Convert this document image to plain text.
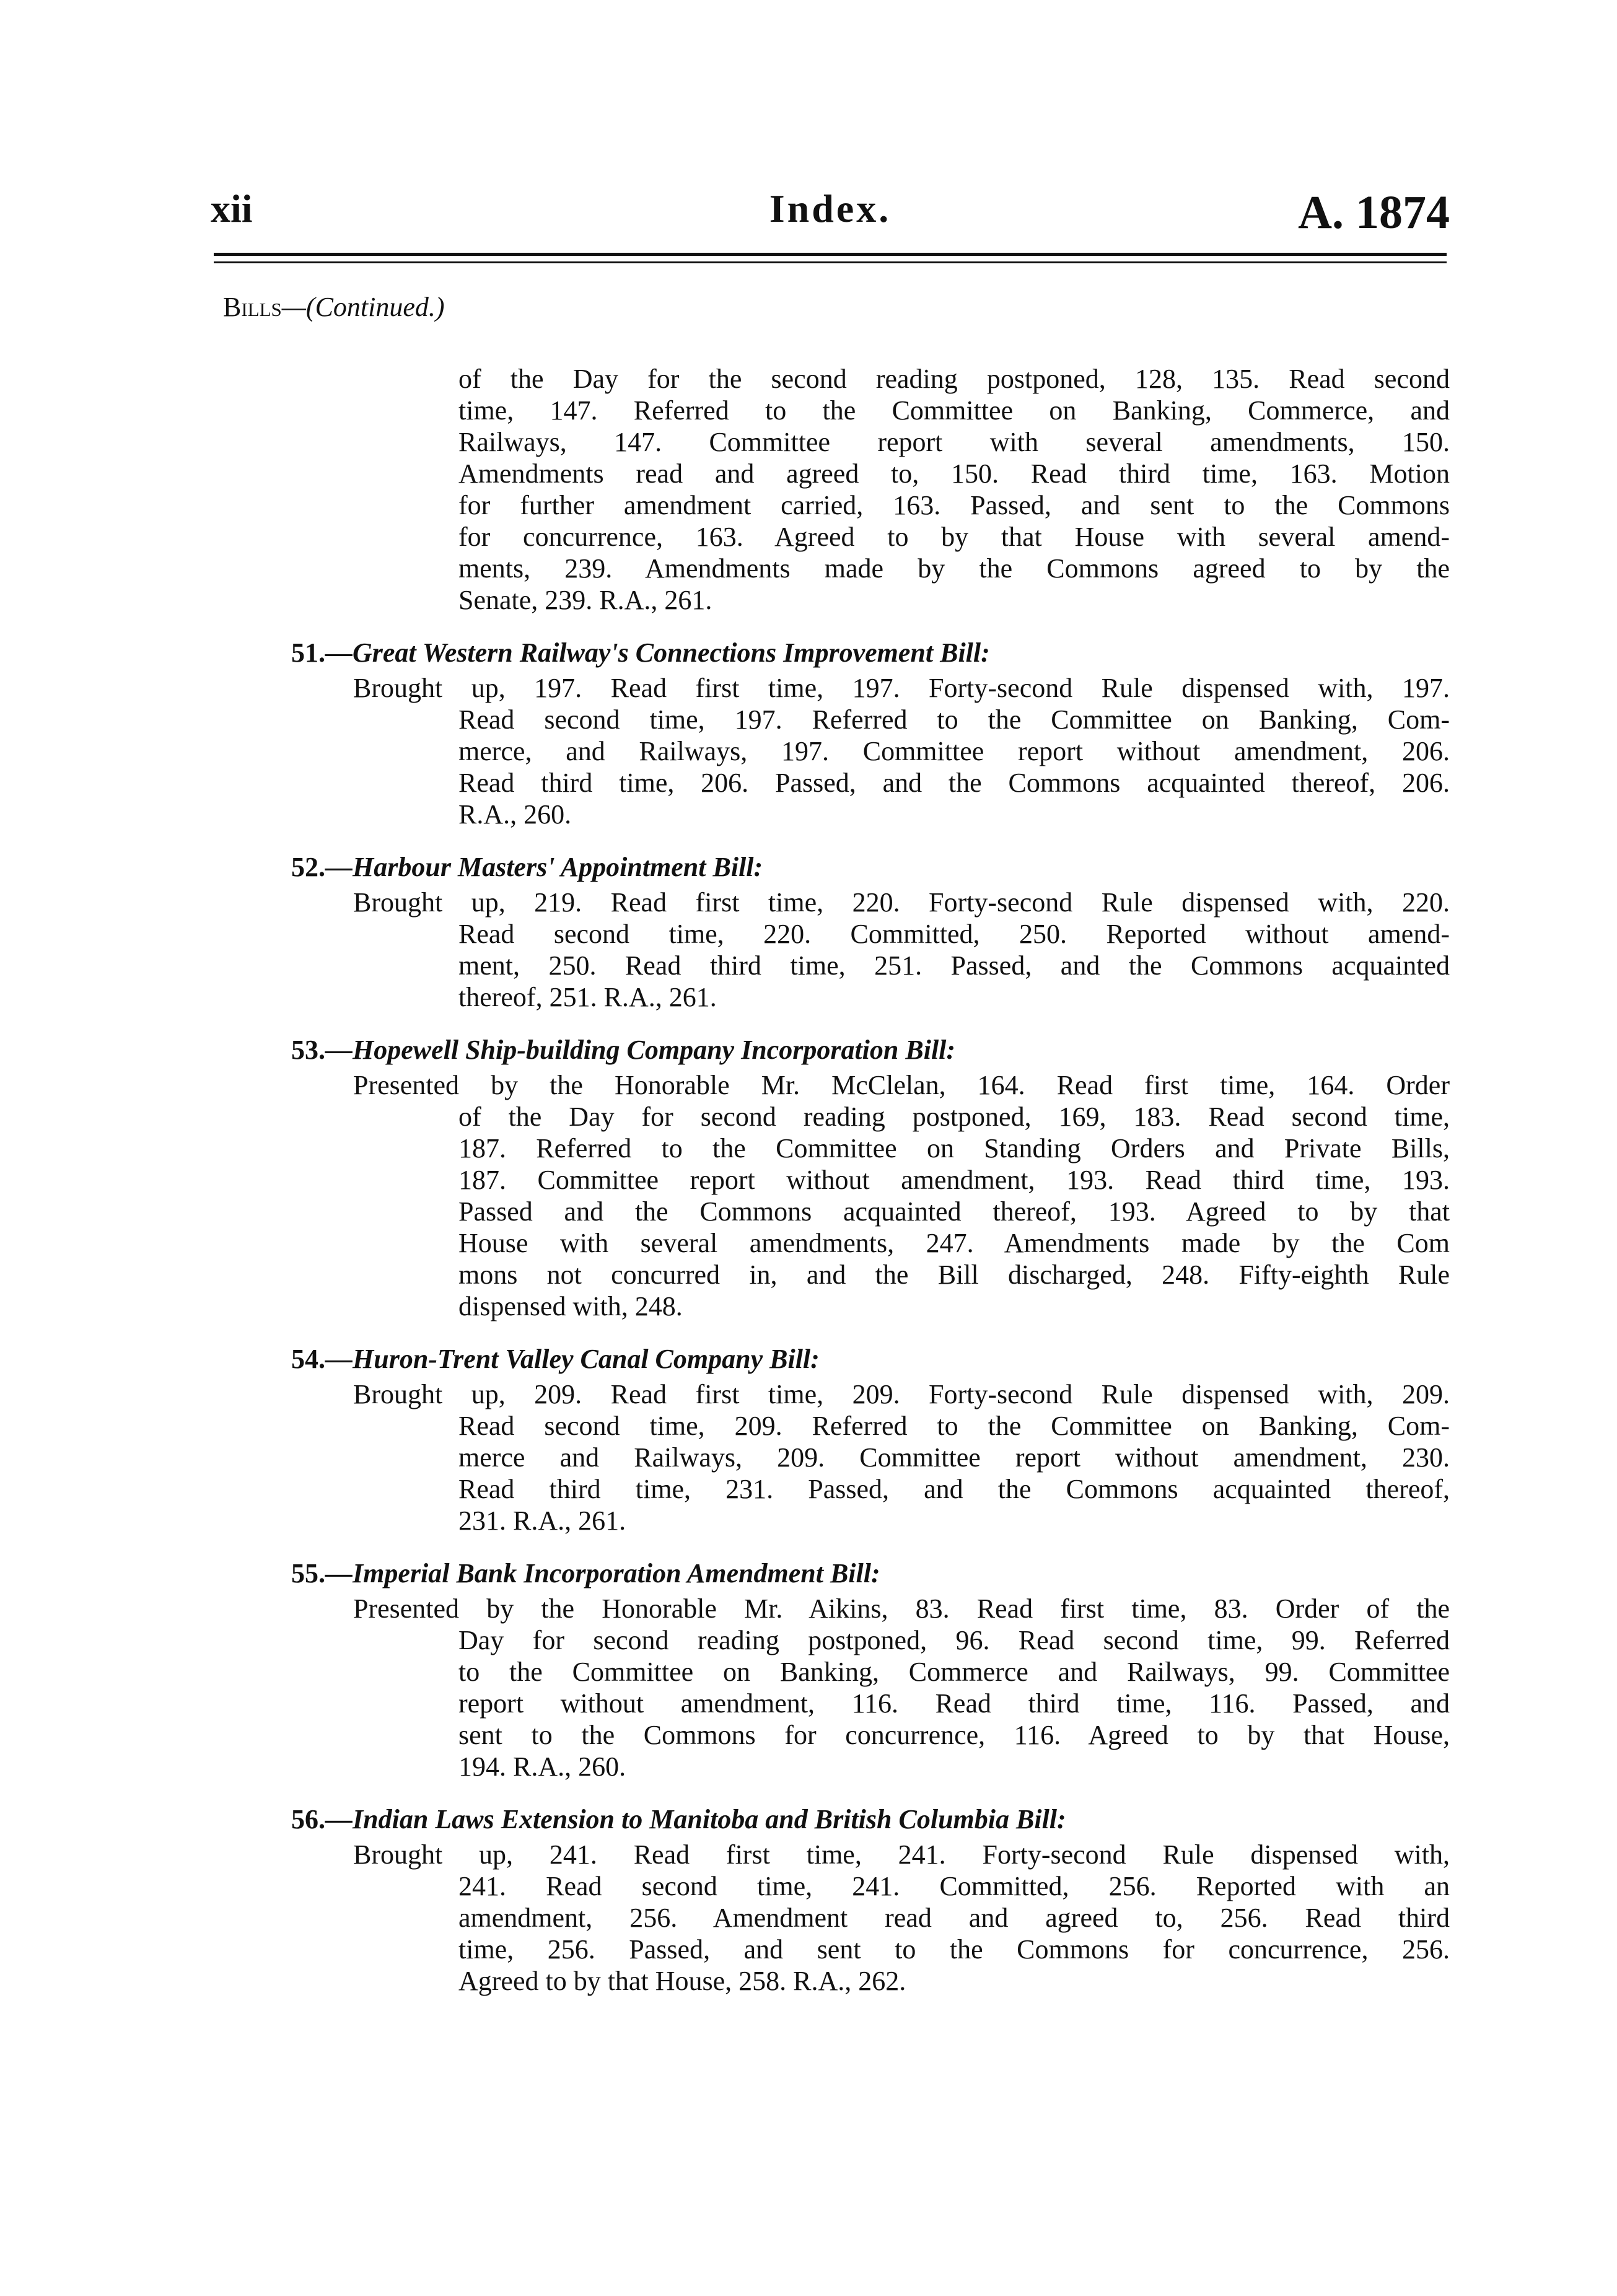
xii	Index.	A. 1874
Bills—(Continued.)
of the Day for the second reading postponed, 128, 135. Read second
time, 147. Referred to the Committee on Banking, Commerce, and
Railways, 147. Committee report with several amendments, 150.
Amendments read and agreed to, 150. Read third time, 163. Motion
for further amendment carried, 163. Passed, and sent to the Commons
for concurrence, 163. Agreed to by that House with several amend-
ments, 239. Amendments made by the Commons agreed to by the
Senate, 239. R.A., 261.
51.—Great Western Railway's Connections Improvement Bill:
Brought up, 197. Read first time, 197. Forty-second Rule dispensed with, 197.
Read second time, 197. Referred to the Committee on Banking, Com-
merce, and Railways, 197. Committee report without amendment, 206.
Read third time, 206. Passed, and the Commons acquainted thereof, 206.
R.A., 260.
52.—Harbour Masters' Appointment Bill:
Brought up, 219. Read first time, 220. Forty-second Rule dispensed with, 220.
Read second time, 220. Committed, 250. Reported without amend-
ment, 250. Read third time, 251. Passed, and the Commons acquainted
thereof, 251. R.A., 261.
53.—Hopewell Ship-building Company Incorporation Bill:
Presented by the Honorable Mr. McClelan, 164. Read first time, 164. Order
of the Day for second reading postponed, 169, 183. Read second time,
187. Referred to the Committee on Standing Orders and Private Bills,
187. Committee report without amendment, 193. Read third time, 193.
Passed and the Commons acquainted thereof, 193. Agreed to by that
House with several amendments, 247. Amendments made by the Com
mons not concurred in, and the Bill discharged, 248. Fifty-eighth Rule
dispensed with, 248.
54.—Huron-Trent Valley Canal Company Bill:
Brought up, 209. Read first time, 209. Forty-second Rule dispensed with, 209.
Read second time, 209. Referred to the Committee on Banking, Com-
merce and Railways, 209. Committee report without amendment, 230.
Read third time, 231. Passed, and the Commons acquainted thereof,
231. R.A., 261.
55.—Imperial Bank Incorporation Amendment Bill:
Presented by the Honorable Mr. Aikins, 83. Read first time, 83. Order of the
Day for second reading postponed, 96. Read second time, 99. Referred
to the Committee on Banking, Commerce and Railways, 99. Committee
report without amendment, 116. Read third time, 116. Passed, and
sent to the Commons for concurrence, 116. Agreed to by that House,
194. R.A., 260.
56.—Indian Laws Extension to Manitoba and British Columbia Bill:
Brought up, 241. Read first time, 241. Forty-second Rule dispensed with,
241. Read second time, 241. Committed, 256. Reported with an
amendment, 256. Amendment read and agreed to, 256. Read third
time, 256. Passed, and sent to the Commons for concurrence, 256.
Agreed to by that House, 258. R.A., 262.
